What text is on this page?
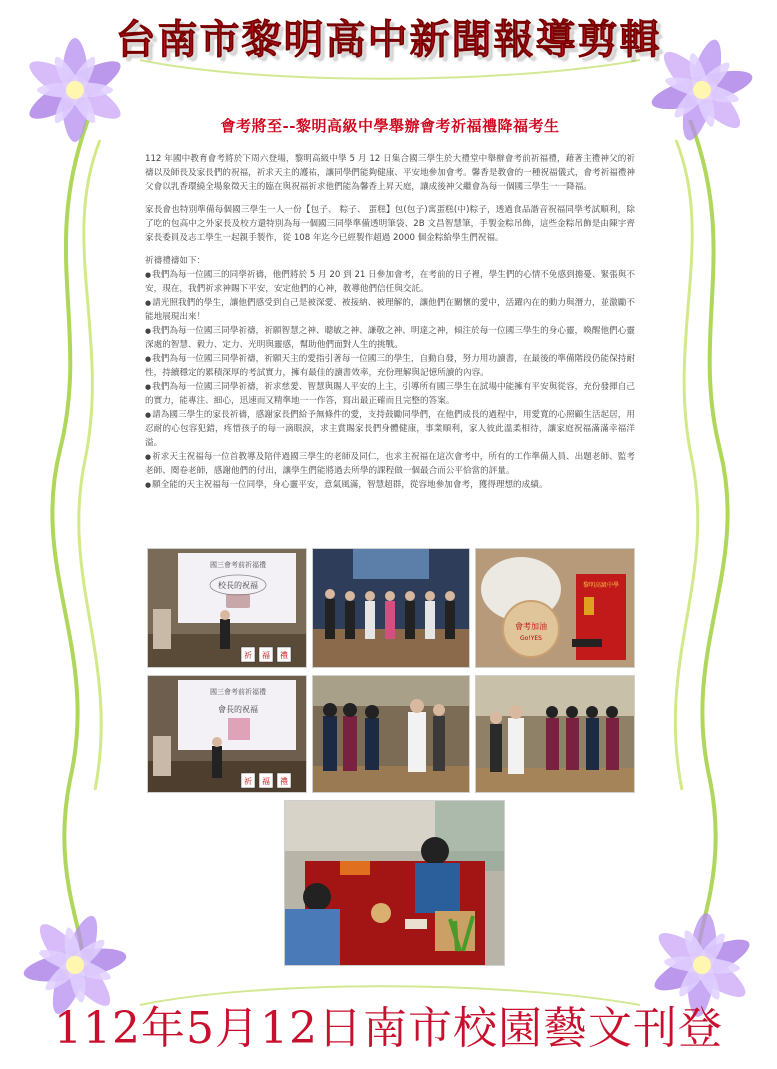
台南市黎明高中新聞報導剪輯
會考將至--黎明高級中學舉辦會考祈福禮降福考生

112 年國中教育會考將於下周六登場，黎明高級中學 5 月 12 日集合國三學生於大禮堂中舉辦會考前祈福禮，藉著主禮神父的祈禱以及師長及家長們的祝福，祈求天主的護祐，讓同學們能夠健康、平安地參加會考。馨香是教會的一種祝福儀式，會考祈福禮神父會以乳香環繞全場象徵天主的臨在與祝福祈求他們能為馨香上昇天庭，讓成後神父繼會為每一個國三學生一一降福。

家長會也特別準備每個國三學生一人一份【包子、 粽子、 蛋糕】包(包子)寓蛋糕(中)粽子，透過食品諧音祝福同學考試順利，除了吃的包高中之外家長及校方還特別為每一個國三同學準備透明筆袋、2B 文昌智慧筆，手製金粽吊飾，這些金粽吊飾是由陳宇齊家長委員及志工學生一起親手製作，從 108 年迄今已經製作超過 2000 個金粽給學生們祝福。

祈禱禮禱如下：

● 我們為每一位國三的同學祈禱，他們將於 5 月 20 到 21 日參加會考，在考前的日子裡，學生們的心情不免感到擔憂、緊張與不安，現在，我們祈求神賜下平安，安定他們的心神，教導他們信任與交託。
● 請光照我們的學生，讓他們感受到自己是被深愛、被接納、被理解的，讓他們在關懷的愛中，活躍內在的動力與潛力，並激勵不能地展現出來！
● 我們為每一位國三同學祈禱，祈願智慧之神、聰敏之神、謙敬之神、明達之神，傾注於每一位國三學生的身心靈，喚醒他們心靈深處的智慧、毅力、定力、光明與靈感，幫助他們面對人生的挑戰。
● 我們為每一位國三同學祈禱，祈願天主的愛指引著每一位國三的學生，自動自發，努力用功讀書，在最後的準備階段仍能保持耐性，持續穩定的累積深厚的考試實力，擁有最佳的讀書效率，充份理解與記憶所讀的內容。
● 我們為每一位國三同學祈禱，祈求慈愛、智慧與賜人平安的上主，引導所有國三學生在試場中能擁有平安與從容，充份發揮自己的實力，能專注、細心，迅速而又精準地一一作答，寫出最正確而且完整的答案。
● 請為國三學生的家長祈禱，感謝家長們給予無條件的愛，支持鼓勵同學們，在他們成長的過程中，用愛寬的心照顧生活起居，用忍耐的心包容犯錯，疼惜孩子的每一滴眼淚，求主賞賜家長們身體健康，事業順利，家人彼此溫柔相待，讓家庭祝福滿滿幸福洋溢。
● 祈求天主祝福每一位首教導及陪伴過國三學生的老師及同仁，也求主祝福在這次會考中，所有的工作準備人員、出題老師、監考老師、閱卷老師，感謝他們的付出，讓學生們能將過去所學的課程做一個最合而公平恰當的評量。
● 願全能的天主祝福每一位同學，身心靈平安，意氣風滿，智慧超群，從容地參加會考，獲得理想的成績。
國三會考前祈福禮
校長的祝福
祈 福 禮
會考加油
Go!YES
黎明高級中學
國三會考前祈福禮
會長的祝福
祈 福 禮
112年5月12日南市校園藝文刊登
